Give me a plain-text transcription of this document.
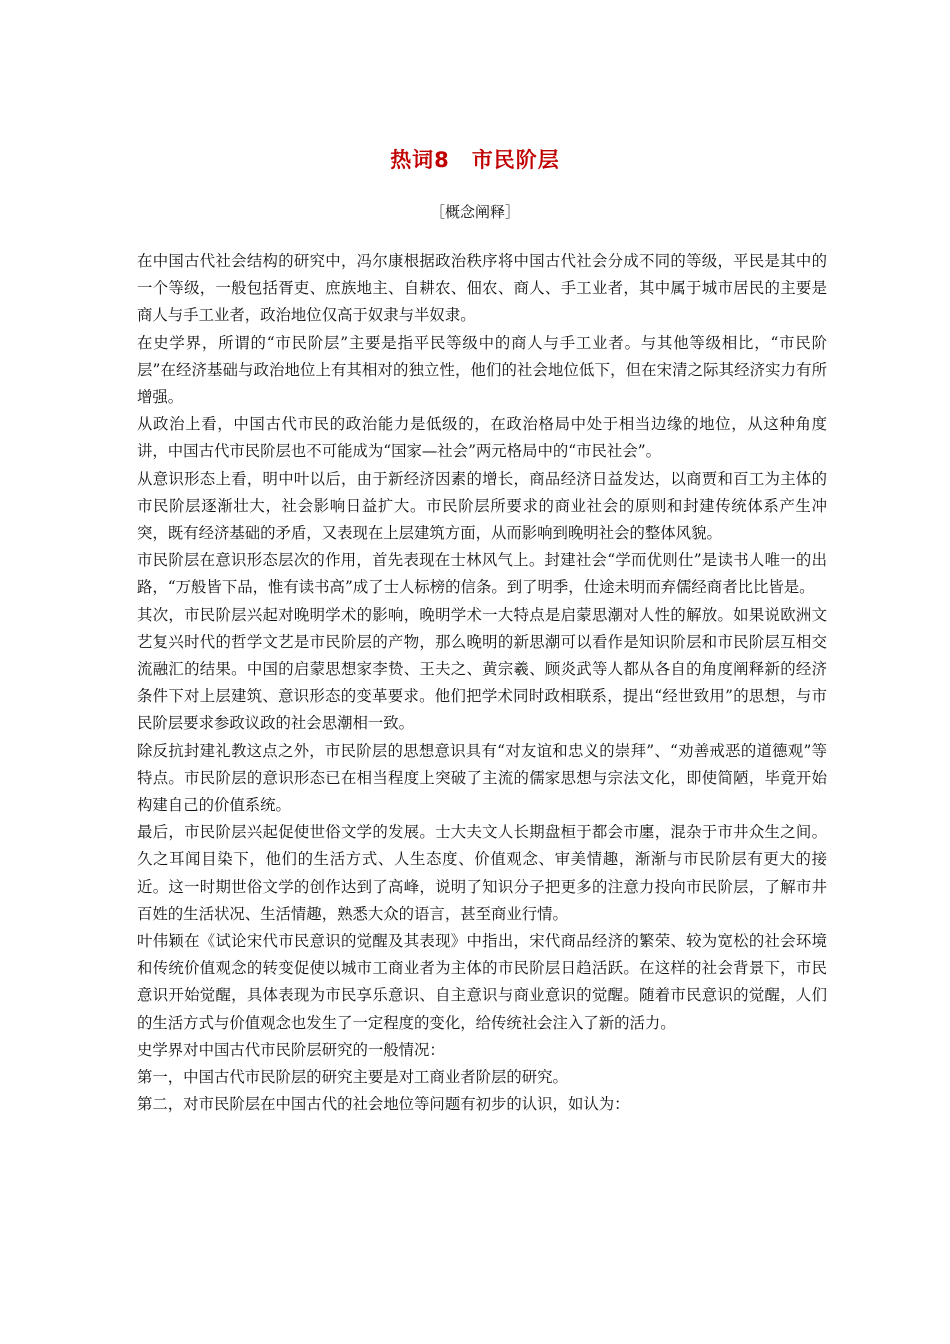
热词8　市民阶层
［概念阐释］

在中国古代社会结构的研究中，冯尔康根据政治秩序将中国古代社会分成不同的等级，平民是其中的一个等级，一般包括胥吏、庶族地主、自耕农、佃农、商人、手工业者，其中属于城市居民的主要是商人与手工业者，政治地位仅高于奴隶与半奴隶。

在史学界，所谓的“市民阶层”主要是指平民等级中的商人与手工业者。与其他等级相比，“市民阶层”在经济基础与政治地位上有其相对的独立性，他们的社会地位低下，但在宋清之际其经济实力有所增强。

从政治上看，中国古代市民的政治能力是低级的，在政治格局中处于相当边缘的地位，从这种角度讲，中国古代市民阶层也不可能成为“国家—社会”两元格局中的“市民社会”。

从意识形态上看，明中叶以后，由于新经济因素的增长，商品经济日益发达，以商贾和百工为主体的市民阶层逐渐壮大，社会影响日益扩大。市民阶层所要求的商业社会的原则和封建传统体系产生冲突，既有经济基础的矛盾，又表现在上层建筑方面，从而影响到晚明社会的整体风貌。

市民阶层在意识形态层次的作用，首先表现在士林风气上。封建社会“学而优则仕”是读书人唯一的出路，“万般皆下品，惟有读书高”成了士人标榜的信条。到了明季，仕途未明而弃儒经商者比比皆是。

其次，市民阶层兴起对晚明学术的影响，晚明学术一大特点是启蒙思潮对人性的解放。如果说欧洲文艺复兴时代的哲学文艺是市民阶层的产物，那么晚明的新思潮可以看作是知识阶层和市民阶层互相交流融汇的结果。中国的启蒙思想家李贽、王夫之、黄宗羲、顾炎武等人都从各自的角度阐释新的经济条件下对上层建筑、意识形态的变革要求。他们把学术同时政相联系，提出“经世致用”的思想，与市民阶层要求参政议政的社会思潮相一致。

除反抗封建礼教这点之外，市民阶层的思想意识具有“对友谊和忠义的崇拜”、“劝善戒恶的道德观”等特点。市民阶层的意识形态已在相当程度上突破了主流的儒家思想与宗法文化，即使简陋，毕竟开始构建自己的价值系统。

最后，市民阶层兴起促使世俗文学的发展。士大夫文人长期盘桓于都会市廛，混杂于市井众生之间。久之耳闻目染下，他们的生活方式、人生态度、价值观念、审美情趣，渐渐与市民阶层有更大的接近。这一时期世俗文学的创作达到了高峰，说明了知识分子把更多的注意力投向市民阶层，了解市井百姓的生活状况、生活情趣，熟悉大众的语言，甚至商业行情。

叶伟颖在《试论宋代市民意识的觉醒及其表现》中指出，宋代商品经济的繁荣、较为宽松的社会环境和传统价值观念的转变促使以城市工商业者为主体的市民阶层日趋活跃。在这样的社会背景下，市民意识开始觉醒，具体表现为市民享乐意识、自主意识与商业意识的觉醒。随着市民意识的觉醒，人们的生活方式与价值观念也发生了一定程度的变化，给传统社会注入了新的活力。

史学界对中国古代市民阶层研究的一般情况：

第一，中国古代市民阶层的研究主要是对工商业者阶层的研究。

第二，对市民阶层在中国古代的社会地位等问题有初步的认识，如认为：
